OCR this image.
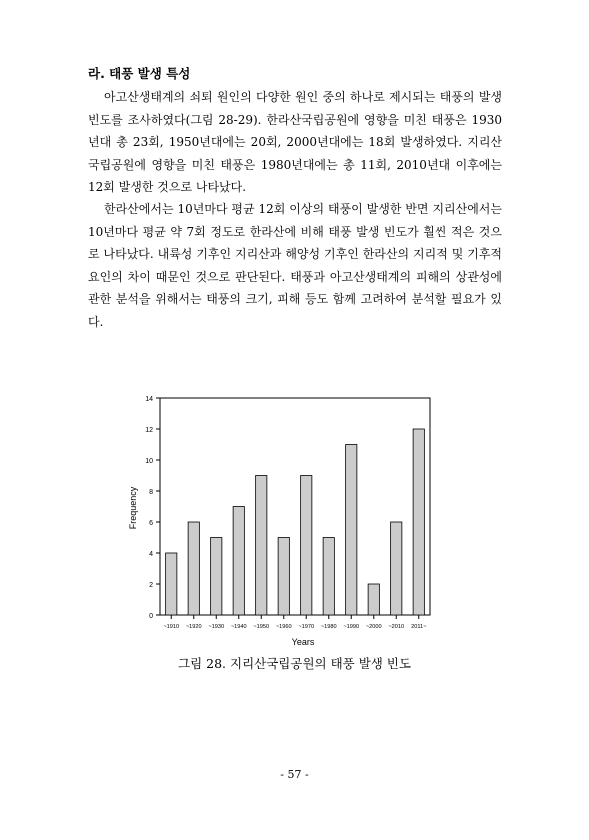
라. 태풍 발생 특성

아고산생태계의 쇠퇴 원인의 다양한 원인 중의 하나로 제시되는 태풍의 발생 빈도를 조사하였다(그림 28-29). 한라산국립공원에 영향을 미친 태풍은 1930년대 총 23회, 1950년대에는 20회, 2000년대에는 18회 발생하였다. 지리산국립공원에 영향을 미친 태풍은 1980년대에는 총 11회, 2010년대 이후에는 12회 발생한 것으로 나타났다.

한라산에서는 10년마다 평균 12회 이상의 태풍이 발생한 반면 지리산에서는 10년마다 평균 약 7회 정도로 한라산에 비해 태풍 발생 빈도가 훨씬 적은 것으로 나타났다. 내륙성 기후인 지리산과 해양성 기후인 한라산의 지리적 및 기후적 요인의 차이 때문인 것으로 판단된다. 태풍과 아고산생태계의 피해의 상관성에 관한 분석을 위해서는 태풍의 크기, 피해 등도 함께 고려하여 분석할 필요가 있다.

0
2
4
6
8
10
12
14
~1910 ~1920 ~1930 ~1940 ~1950 ~1960 ~1970 ~1980 ~1990 ~2000 ~2010 2011~
Frequency
Years
그림 28. 지리산국립공원의 태풍 발생 빈도
- 57 -
